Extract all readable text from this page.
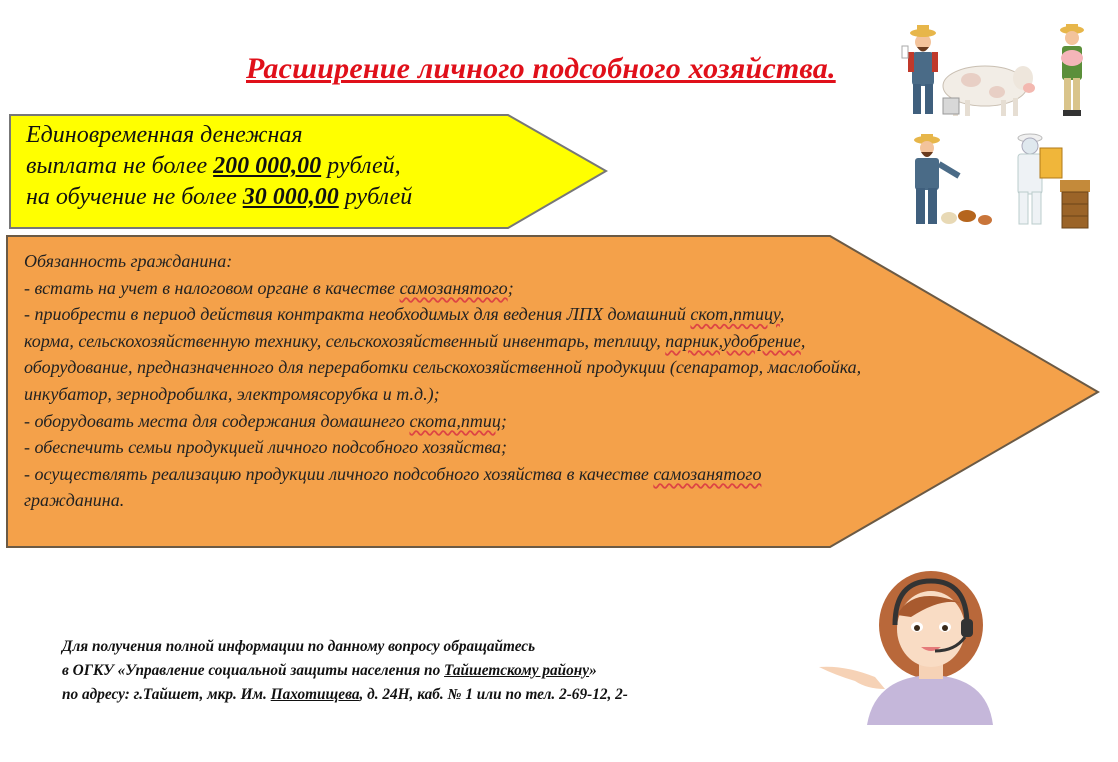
Расширение личного подсобного хозяйства.
Единовременная денежная
выплата не более 200 000,00 рублей,
на обучение не более 30 000,00 рублей
Обязанность гражданина:
- встать на учет в налоговом органе в качестве самозанятого;
- приобрести в период действия контракта необходимых для ведения ЛПХ домашний скот,птицу,
корма, сельскохозяйственную технику, сельскохозяйственный инвентарь, теплицу, парник,удобрение,
оборудование, предназначенного для переработки сельскохозяйственной продукции (сепаратор, маслобойка,
инкубатор, зернодробилка, электромясорубка и т.д.);
- оборудовать места для содержания домашнего скота,птиц;
- обеспечить семьи продукцией личного подсобного хозяйства;
- осуществлять реализацию продукции личного подсобного хозяйства в качестве самозанятого
гражданина.
Для получения полной информации по данному вопросу обращайтесь
в ОГКУ «Управление социальной защиты населения по Тайшетскому району»
по адресу: г.Тайшет, мкр. Им. Пахотищева, д. 24Н, каб. № 1 или по тел. 2-69-12, 2-
